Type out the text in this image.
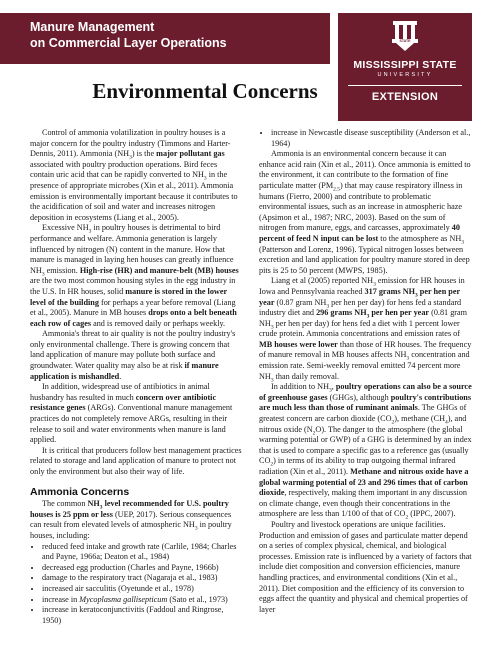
Manure Management
on Commercial Layer Operations	STATE
MISSISSIPPI STATE
UNIVERSITY
EXTENSION
Environmental Concerns

Control of ammonia volatilization in poultry houses is a major concern for the poultry industry (Timmons and Harter-Dennis, 2011). Ammonia $(NH_3)$ is the major pollutant gas associated with poultry production operations. Bird feces contain uric acid that can be rapidly converted to $NH_3$ in the presence of appropriate microbes (Xin et al., 2011). Ammonia emission is environmentally important because it contributes to the acidification of soil and water and increases nitrogen deposition in ecosystems (Liang et al., 2005).

Excessive $NH_3$ in poultry houses is detrimental to bird performance and welfare. Ammonia generation is largely influenced by nitrogen (N) content in the manure. How that manure is managed in laying hen houses can greatly influence $NH_3$ emission. High-rise (HR) and manure-belt (MB) houses are the two most common housing styles in the egg industry in the U.S. In HR houses, solid manure is stored in the lower level of the building for perhaps a year before removal (Liang et al., 2005). Manure in MB houses drops onto a belt beneath each row of cages and is removed daily or perhaps weekly.

Ammonia's threat to air quality is not the poultry industry's only environmental challenge. There is growing concern that land application of manure may pollute both surface and groundwater. Water quality may also be at risk if manure application is mishandled.

In addition, widespread use of antibiotics in animal husbandry has resulted in much concern over antibiotic resistance genes (ARGs). Conventional manure management practices do not completely remove ARGs, resulting in their release to soil and water environments when manure is land applied.

It is critical that producers follow best management practices related to storage and land application of manure to protect not only the environment but also their way of life.

Ammonia Concerns

The common $NH_3$ level recommended for U.S. poultry houses is 25 ppm or less (UEP, 2017). Serious consequences can result from elevated levels of atmospheric $NH_3$ in poultry houses, including:

• reduced feed intake and growth rate (Carlile, 1984; Charles and Payne, 1966a; Deaton et al., 1984)
• decreased egg production (Charles and Payne, 1966b)
• damage to the respiratory tract (Nagaraja et al., 1983)
• increased air sacculitis (Oyetunde et al., 1978)
• increase in Mycoplasma gallisepticum (Sato et al., 1973)
• increase in keratoconjunctivitis (Faddoul and Ringrose, 1950)
• increase in Newcastle disease susceptibility (Anderson et al., 1964)

Ammonia is an environmental concern because it can enhance acid rain (Xin et al., 2011). Once ammonia is emitted to the environment, it can contribute to the formation of fine particulate matter $(PM_{2.5})$ that may cause respiratory illness in humans (Fierro, 2000) and contribute to problematic environmental issues, such as an increase in atmospheric haze (Apsimon et al., 1987; NRC, 2003). Based on the sum of nitrogen from manure, eggs, and carcasses, approximately 40 percent of feed N input can be lost to the atmosphere as $NH_3$ (Patterson and Lorenz, 1996). Typical nitrogen losses between excretion and land application for poultry manure stored in deep pits is 25 to 50 percent (MWPS, 1985).

Liang et al (2005) reported $NH_3$ emission for HR houses in Iowa and Pennsylvania reached 317 grams $NH_3$ per hen per year (0.87 gram $NH_3$ per hen per day) for hens fed a standard industry diet and 296 grams $NH_3$ per hen per year (0.81 gram $NH_3$ per hen per day) for hens fed a diet with 1 percent lower crude protein. Ammonia concentrations and emission rates of MB houses were lower than those of HR houses. The frequency of manure removal in MB houses affects $NH_3$ concentration and emission rate. Semi-weekly removal emitted 74 percent more $NH_3$ than daily removal.

In addition to $NH_3$, poultry operations can also be a source of greenhouse gases (GHGs), although poultry's contributions are much less than those of ruminant animals. The GHGs of greatest concern are carbon dioxide $(CO_2)$, methane $(CH_4)$, and nitrous oxide $(N_2O)$. The danger to the atmosphere (the global warming potential or GWP) of a GHG is determined by an index that is used to compare a specific gas to a reference gas (usually $CO_2$) in terms of its ability to trap outgoing thermal infrared radiation (Xin et al., 2011). Methane and nitrous oxide have a global warming potential of 23 and 296 times that of carbon dioxide, respectively, making them important in any discussion on climate change, even though their concentrations in the atmosphere are less than 1/100 of that of $CO_2$ (IPPC, 2007).

Poultry and livestock operations are unique facilities. Production and emission of gases and particulate matter depend on a series of complex physical, chemical, and biological processes. Emission rate is influenced by a variety of factors that include diet composition and conversion efficiencies, manure handling practices, and environmental conditions (Xin et al., 2011). Diet composition and the efficiency of its conversion to eggs affect the quantity and physical and chemical properties of layer
